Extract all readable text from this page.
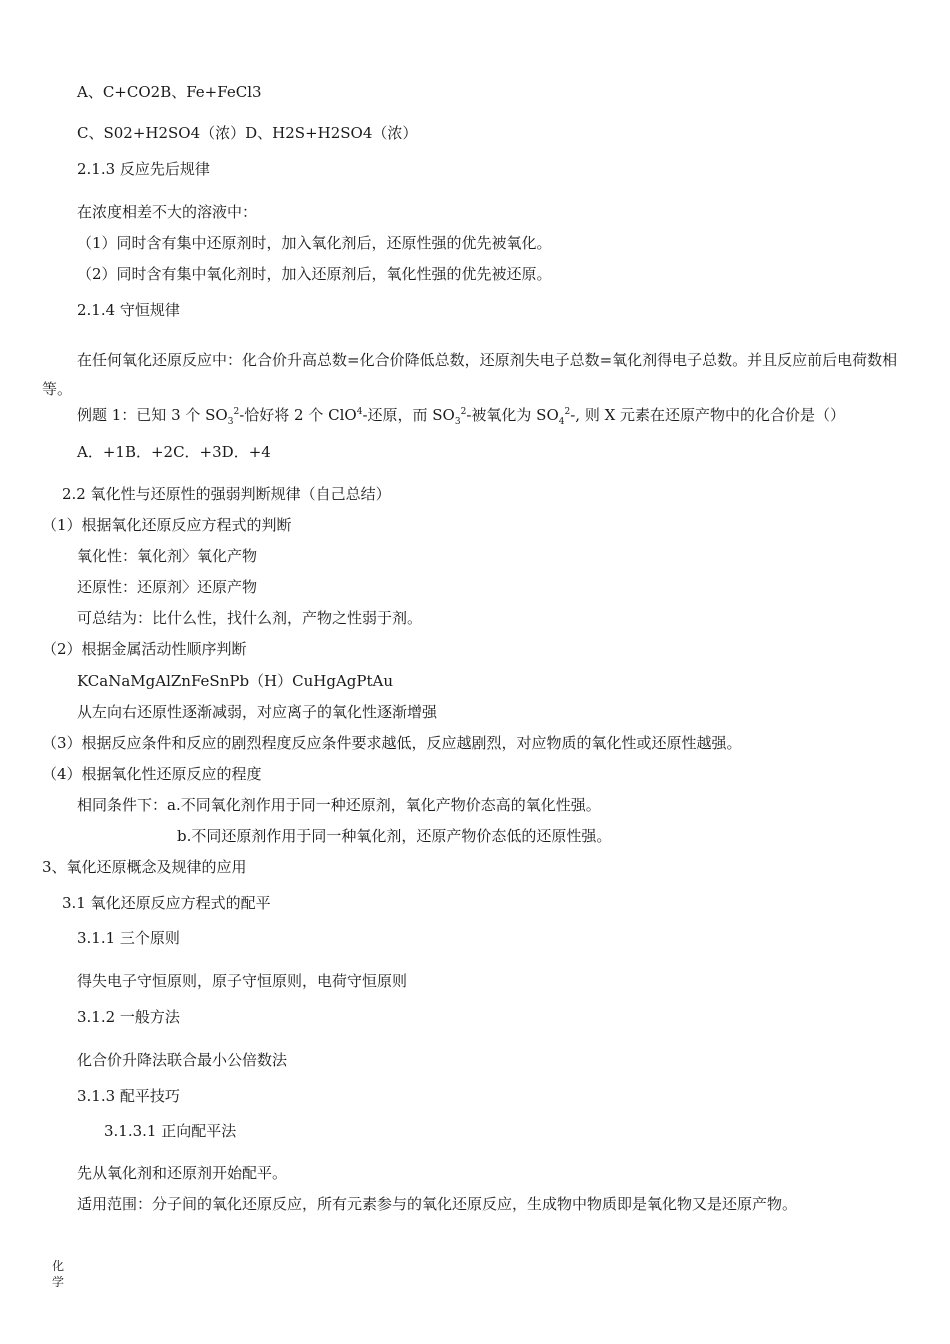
A、C+CO2B、Fe+FeCl3
C、S02+H2SO4（浓）D、H2S+H2SO4（浓）
2.1.3 反应先后规律
在浓度相差不大的溶液中：
（1）同时含有集中还原剂时，加入氧化剂后，还原性强的优先被氧化。
（2）同时含有集中氧化剂时，加入还原剂后，氧化性强的优先被还原。
2.1.4 守恒规律
在任何氧化还原反应中：化合价升高总数=化合价降低总数，还原剂失电子总数=氧化剂得电子总数。并且反应前后电荷数相等。
例题 1：已知 3 个 $SO_3^2-$恰好将 2 个 ClO$^4$-还原，而 $SO_3^2-$被氧化为 $SO_4^2-$, 则 X 元素在还原产物中的化合价是（）
A．+1B．+2C．+3D．+4
2.2 氧化性与还原性的强弱判断规律（自己总结）
（1）根据氧化还原反应方程式的判断
氧化性：氧化剂〉氧化产物
还原性：还原剂〉还原产物
可总结为：比什么性，找什么剂，产物之性弱于剂。
（2）根据金属活动性顺序判断
KCaNaMgAlZnFeSnPb（H）CuHgAgPtAu
从左向右还原性逐渐减弱，对应离子的氧化性逐渐增强
（3）根据反应条件和反应的剧烈程度反应条件要求越低，反应越剧烈，对应物质的氧化性或还原性越强。
（4）根据氧化性还原反应的程度
相同条件下：a.不同氧化剂作用于同一种还原剂，氧化产物价态高的氧化性强。
b.不同还原剂作用于同一种氧化剂，还原产物价态低的还原性强。
3、氧化还原概念及规律的应用
3.1 氧化还原反应方程式的配平
3.1.1 三个原则
得失电子守恒原则，原子守恒原则，电荷守恒原则
3.1.2 一般方法
化合价升降法联合最小公倍数法
3.1.3 配平技巧
3.1.3.1 正向配平法
先从氧化剂和还原剂开始配平。
适用范围：分子间的氧化还原反应，所有元素参与的氧化还原反应，生成物中物质即是氧化物又是还原产物。
化学
